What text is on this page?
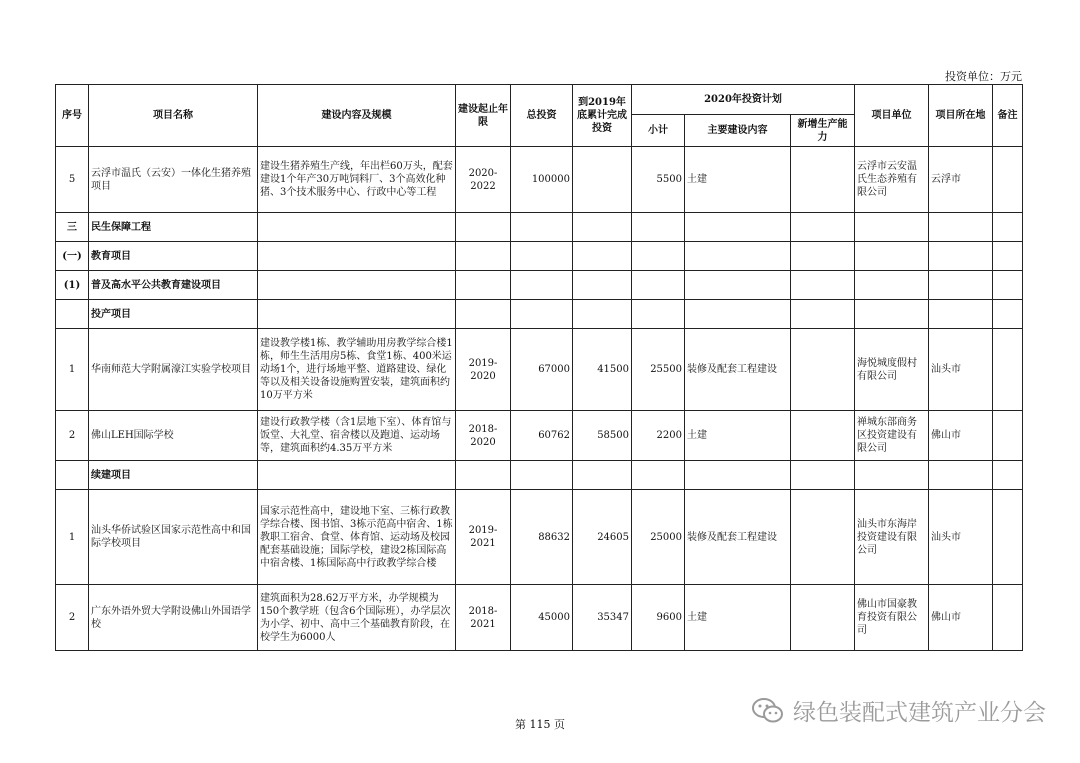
投资单位：万元
序号	项目名称	建设内容及规模	建设起止年限	总投资	到2019年底累计完成投资	2020年投资计划			项目单位	项目所在地	备注
						小计	主要建设内容	新增生产能力			
5	云浮市温氏（云安）一体化生猪养殖项目	建设生猪养殖生产线，年出栏60万头，配套建设1个年产30万吨饲料厂、3个高效化种猪、3个技术服务中心、行政中心等工程	2020-2022	100000		5500	土建		云浮市云安温氏生态养殖有限公司	云浮市	
三	民生保障工程										
(一)	教育项目										
(1)	普及高水平公共教育建设项目										
	投产项目										
1	华南师范大学附属濠江实验学校项目	建设教学楼1栋、教学辅助用房教学综合楼1栋，师生生活用房5栋、食堂1栋、400米运动场1个，进行场地平整、道路建设、绿化等以及相关设备设施购置安装，建筑面积约10万平方米	2019-2020	67000	41500	25500	装修及配套工程建设		海悦城度假村有限公司	汕头市	
2	佛山LEH国际学校	建设行政教学楼（含1层地下室）、体育馆与饭堂、大礼堂、宿舍楼以及跑道、运动场等，建筑面积约4.35万平方米	2018-2020	60762	58500	2200	土建		禅城东部商务区投资建设有限公司	佛山市	
	续建项目										
1	汕头华侨试验区国家示范性高中和国际学校项目	国家示范性高中，建设地下室、三栋行政教学综合楼、图书馆、3栋示范高中宿舍、1栋教职工宿舍、食堂、体育馆、运动场及校园配套基础设施；国际学校，建设2栋国际高中宿舍楼、1栋国际高中行政教学综合楼	2019-2021	88632	24605	25000	装修及配套工程建设		汕头市东海岸投资建设有限公司	汕头市	
2	广东外语外贸大学附设佛山外国语学校	建筑面积为28.62万平方米，办学规模为150个教学班（包含6个国际班），办学层次为小学、初中、高中三个基础教育阶段，在校学生为6000人	2018-2021	45000	35347	9600	土建		佛山市国豪教育投资有限公司	佛山市	
绿色装配式建筑产业分会
第 115 页
